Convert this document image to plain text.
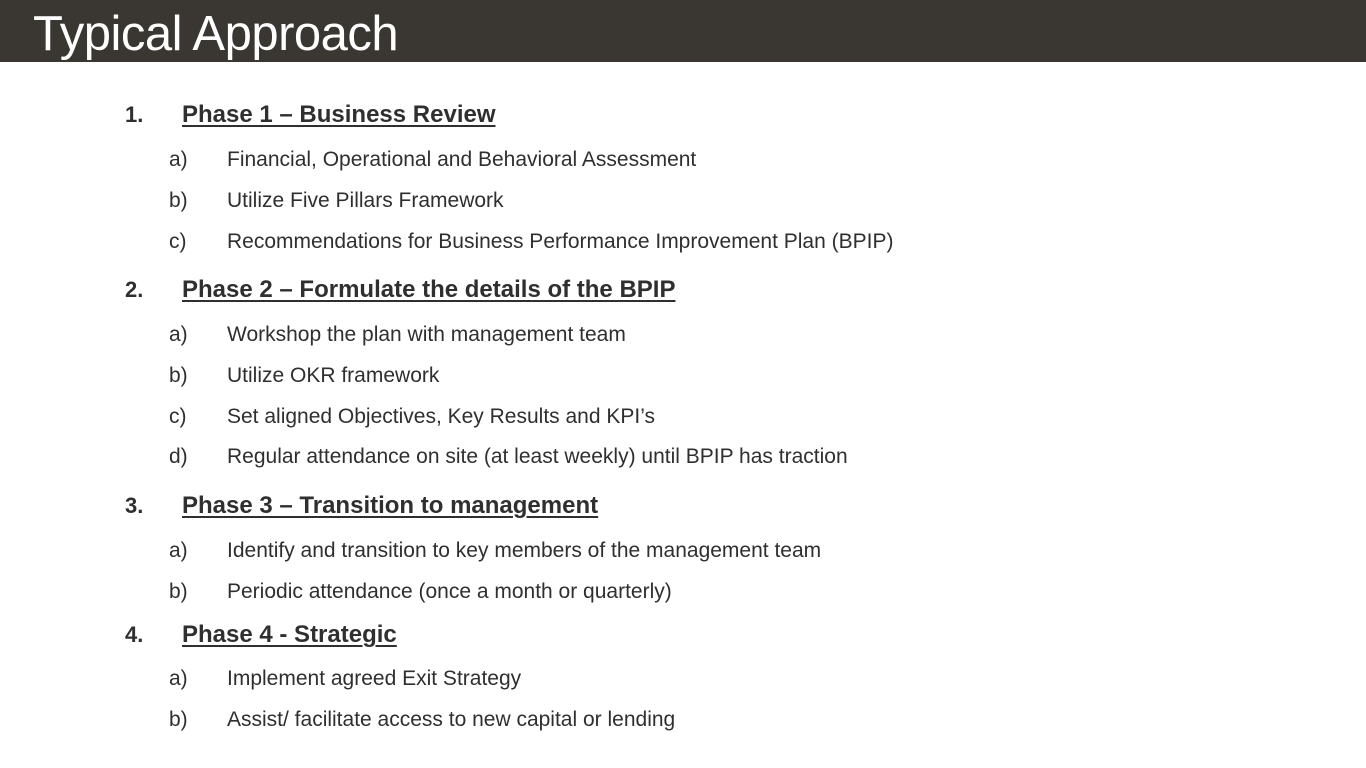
Typical Approach
1. Phase 1 – Business Review
a) Financial, Operational and Behavioral Assessment
b) Utilize Five Pillars Framework
c) Recommendations for Business Performance Improvement Plan (BPIP)
2. Phase 2 – Formulate the details of the BPIP
a) Workshop the plan with management team
b) Utilize OKR framework
c) Set aligned Objectives, Key Results and KPI’s
d) Regular attendance on site (at least weekly) until BPIP has traction
3. Phase 3 – Transition to management
a) Identify and transition to key members of the management team
b) Periodic attendance (once a month or quarterly)
4. Phase 4 - Strategic
a) Implement agreed Exit Strategy
b) Assist/ facilitate access to new capital or lending
